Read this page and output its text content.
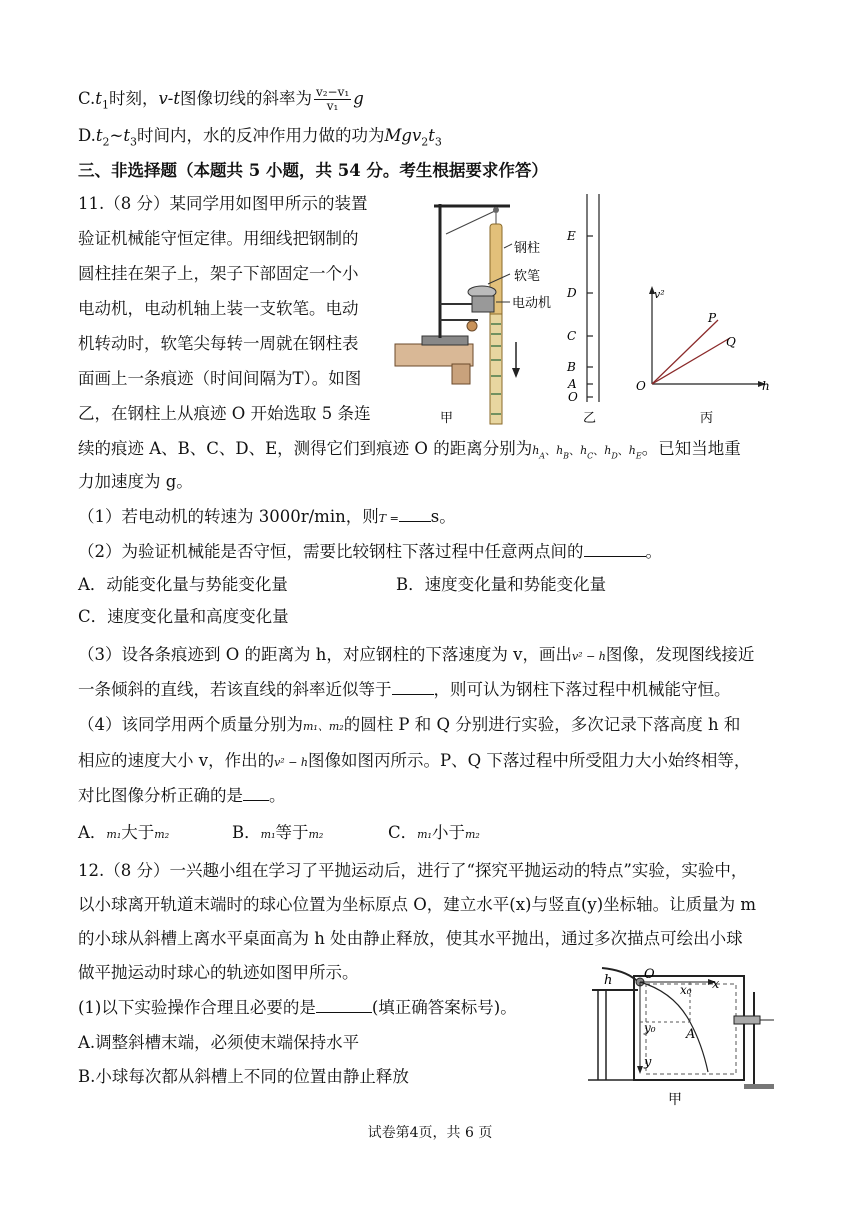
$C.t_1$时刻，v-t图像切线的斜率为 $\frac{\text{v₂−v₁}}{\text{v₁}}$ g
$D.t_2\sim t_3$时间内，水的反冲作用力做的功为$Mgv_2t_3$
三、非选择题（本题共 5 小题，共 54 分。考生根据要求作答）
11.（8 分）某同学用如图甲所示的装置
验证机械能守恒定律。用细线把钢制的
圆柱挂在架子上，架子下部固定一个小
电动机，电动机轴上装一支软笔。电动
机转动时，软笔尖每转一周就在钢柱表
面画上一条痕迹（时间间隔为T）。如图
乙，在钢柱上从痕迹 O 开始选取 5 条连
钢柱
软笔
电动机
甲
E
D
C
B
A
O
乙
v²
h
O
P
Q
丙
续的痕迹 A、B、C、D、E，测得它们到痕迹 O 的距离分别为$h_A$、$h_B$、$h_C$、$h_D$、$h_E$。已知当地重
力加速度为 g。
（1）若电动机的转速为 3000r/min，则T = s。
（2）为验证机械能是否守恒，需要比较钢柱下落过程中任意两点间的	。
A．动能变化量与势能变化量	B．速度变化量和势能变化量
C．速度变化量和高度变化量
（3）设各条痕迹到 O 的距离为 h，对应钢柱的下落速度为 v，画出v² − h图像，发现图线接近
一条倾斜的直线，若该直线的斜率近似等于	，则可认为钢柱下落过程中机械能守恒。
（4）该同学用两个质量分别为m₁、m₂的圆柱 P 和 Q 分别进行实验，多次记录下落高度 h 和
相应的速度大小 v，作出的v² − h图像如图丙所示。P、Q 下落过程中所受阻力大小始终相等，
对比图像分析正确的是 。
A．m₁大于m₂	B．m₁等于m₂	C．m₁小于m₂
12.（8 分）一兴趣小组在学习了平抛运动后，进行了“探究平抛运动的特点”实验，实验中，
以小球离开轨道末端时的球心位置为坐标原点 O，建立水平(x)与竖直(y)坐标轴。让质量为 m
的小球从斜槽上离水平桌面高为 h 处由静止释放，使其水平抛出，通过多次描点可绘出小球
做平抛运动时球心的轨迹如图甲所示。
(1)以下实验操作合理且必要的是	(填正确答案标号)。
A.调整斜槽末端，必须使末端保持水平
B.小球每次都从斜槽上不同的位置由静止释放
h O
x₀ x
y₀ A
y
甲
试卷第4页，共 6 页
